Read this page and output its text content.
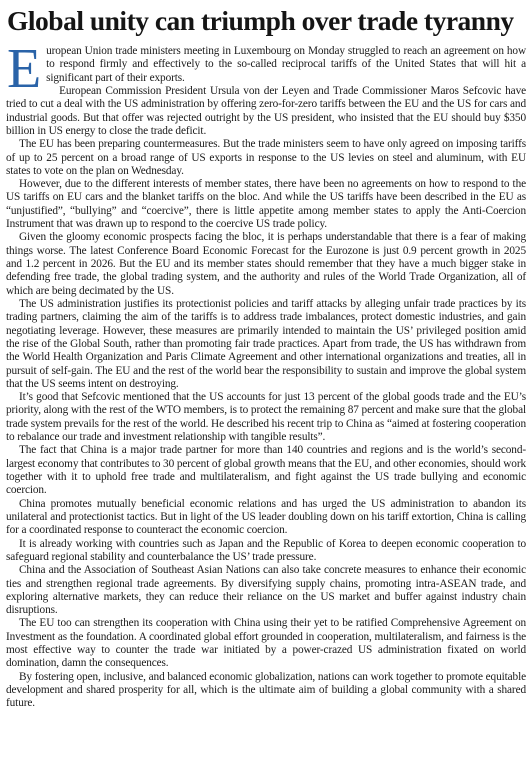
Global unity can triumph over trade tyranny

European Union trade ministers meeting in Luxembourg on Monday struggled to reach an agreement on how to respond firmly and effectively to the so-called reciprocal tariffs of the United States that will hit a significant part of their exports.

European Commission President Ursula von der Leyen and Trade Commissioner Maros Sefcovic have tried to cut a deal with the US administration by offering zero-for-zero tariffs between the EU and the US for cars and industrial goods. But that offer was rejected outright by the US president, who insisted that the EU should buy $350 billion in US energy to close the trade deficit.

The EU has been preparing countermeasures. But the trade ministers seem to have only agreed on imposing tariffs of up to 25 percent on a broad range of US exports in response to the US levies on steel and aluminum, with EU states to vote on the plan on Wednesday.

However, due to the different interests of member states, there have been no agreements on how to respond to the US tariffs on EU cars and the blanket tariffs on the bloc. And while the US tariffs have been described in the EU as “unjustified”, “bullying” and “coercive”, there is little appetite among member states to apply the Anti-Coercion Instrument that was drawn up to respond to the coercive US trade policy.

Given the gloomy economic prospects facing the bloc, it is perhaps understandable that there is a fear of making things worse. The latest Conference Board Economic Forecast for the Eurozone is just 0.9 percent growth in 2025 and 1.2 percent in 2026. But the EU and its member states should remember that they have a much bigger stake in defending free trade, the global trading system, and the authority and rules of the World Trade Organization, all of which are being decimated by the US.

The US administration justifies its protectionist policies and tariff attacks by alleging unfair trade practices by its trading partners, claiming the aim of the tariffs is to address trade imbalances, protect domestic industries, and gain negotiating leverage. However, these measures are primarily intended to maintain the US’ privileged position amid the rise of the Global South, rather than promoting fair trade practices. Apart from trade, the US has withdrawn from the World Health Organization and Paris Climate Agreement and other international organizations and treaties, all in pursuit of self-gain. The EU and the rest of the world bear the responsibility to sustain and improve the global system that the US seems intent on destroying.

It’s good that Sefcovic mentioned that the US accounts for just 13 percent of the global goods trade and the EU’s priority, along with the rest of the WTO members, is to protect the remaining 87 percent and make sure that the global trade system prevails for the rest of the world. He described his recent trip to China as “aimed at fostering cooperation to rebalance our trade and investment relationship with tangible results”.

The fact that China is a major trade partner for more than 140 countries and regions and is the world’s second-largest economy that contributes to 30 percent of global growth means that the EU, and other economies, should work together with it to uphold free trade and multilateralism, and fight against the US trade bullying and economic coercion.

China promotes mutually beneficial economic relations and has urged the US administration to abandon its unilateral and protectionist tactics. But in light of the US leader doubling down on his tariff extortion, China is calling for a coordinated response to counteract the economic coercion.

It is already working with countries such as Japan and the Republic of Korea to deepen economic cooperation to safeguard regional stability and counterbalance the US’ trade pressure.

China and the Association of Southeast Asian Nations can also take concrete measures to enhance their economic ties and strengthen regional trade agreements. By diversifying supply chains, promoting intra-ASEAN trade, and exploring alternative markets, they can reduce their reliance on the US market and buffer against industry chain disruptions.

The EU too can strengthen its cooperation with China using their yet to be ratified Comprehensive Agreement on Investment as the foundation. A coordinated global effort grounded in cooperation, multilateralism, and fairness is the most effective way to counter the trade war initiated by a power-crazed US administration fixated on world domination, damn the consequences.

By fostering open, inclusive, and balanced economic globalization, nations can work together to promote equitable development and shared prosperity for all, which is the ultimate aim of building a global community with a shared future.
